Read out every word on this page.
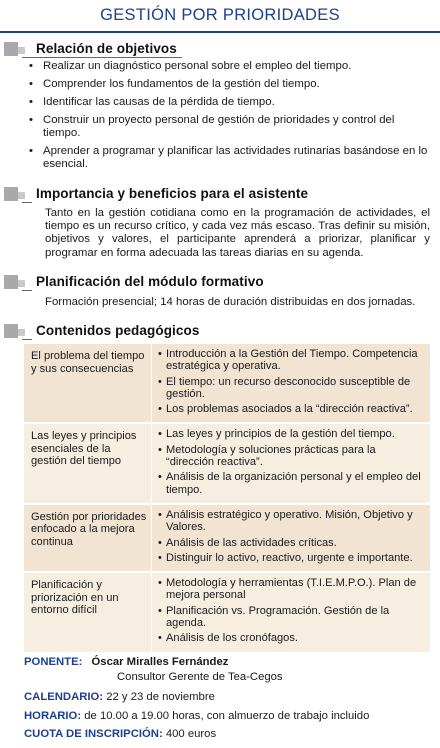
GESTIÓN POR PRIORIDADES
Relación de objetivos
• Realizar un diagnóstico personal sobre el empleo del tiempo.
• Comprender los fundamentos de la gestión del tiempo.
• Identificar las causas de la pérdida de tiempo.
• Construir un proyecto personal de gestión de prioridades y control del tiempo.
• Aprender a programar y planificar las actividades rutinarias basándose en lo esencial.
Importancia y beneficios para el asistente
Tanto en la gestión cotidiana como en la programación de actividades, el tiempo es un recurso crítico, y cada vez más escaso. Tras definir su misión, objetivos y valores, el participante aprenderá a priorizar, planificar y programar en forma adecuada las tareas diarias en su agenda.
Planificación del módulo formativo
Formación presencial; 14 horas de duración distribuidas en dos jornadas.
Contenidos pedagógicos
El problema del tiempo y sus consecuencias
• Introducción a la Gestión del Tiempo. Competencia estratégica y operativa.
• El tiempo: un recurso desconocido susceptible de gestión.
• Los problemas asociados a la “dirección reactiva”.
Las leyes y principios esenciales de la gestión del tiempo
• Las leyes y principios de la gestión del tiempo.
• Metodología y soluciones prácticas para la “dirección reactiva”.
• Análisis de la organización personal y el empleo del tiempo.
Gestión por prioridades enfocado a la mejora continua
• Análisis estratégico y operativo. Misión, Objetivo y Valores.
• Análisis de las actividades críticas.
• Distinguir lo activo, reactivo, urgente e importante.
Planificación y priorización en un entorno difícil
• Metodología y herramientas (T.I.E.M.P.O.). Plan de mejora personal
• Planificación vs. Programación. Gestión de la agenda.
• Análisis de los cronófagos.
PONENTE: Óscar Miralles Fernández
Consultor Gerente de Tea-Cegos
CALENDARIO: 22 y 23 de noviembre
HORARIO: de 10.00 a 19.00 horas, con almuerzo de trabajo incluido
CUOTA DE INSCRIPCIÓN: 400 euros
